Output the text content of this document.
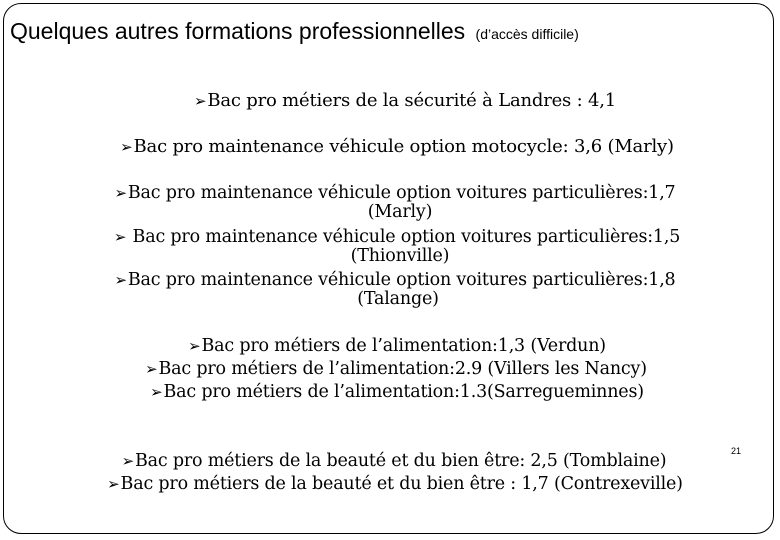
Quelques autres formations professionnelles (d’accès difficile)
➢Bac pro métiers de la sécurité à Landres : 4,1
➢Bac pro maintenance véhicule option motocycle: 3,6 (Marly)
➢Bac pro maintenance véhicule option voitures particulières:1,7
(Marly)
➢ Bac pro maintenance véhicule option voitures particulières:1,5
(Thionville)
➢Bac pro maintenance véhicule option voitures particulières:1,8
(Talange)
➢Bac pro métiers de l’alimentation:1,3 (Verdun)
➢Bac pro métiers de l’alimentation:2.9 (Villers les Nancy)
➢Bac pro métiers de l’alimentation:1.3(Sarregueminnes)
➢Bac pro métiers de la beauté et du bien être: 2,5 (Tomblaine)
➢Bac pro métiers de la beauté et du bien être : 1,7 (Contrexeville)
21
